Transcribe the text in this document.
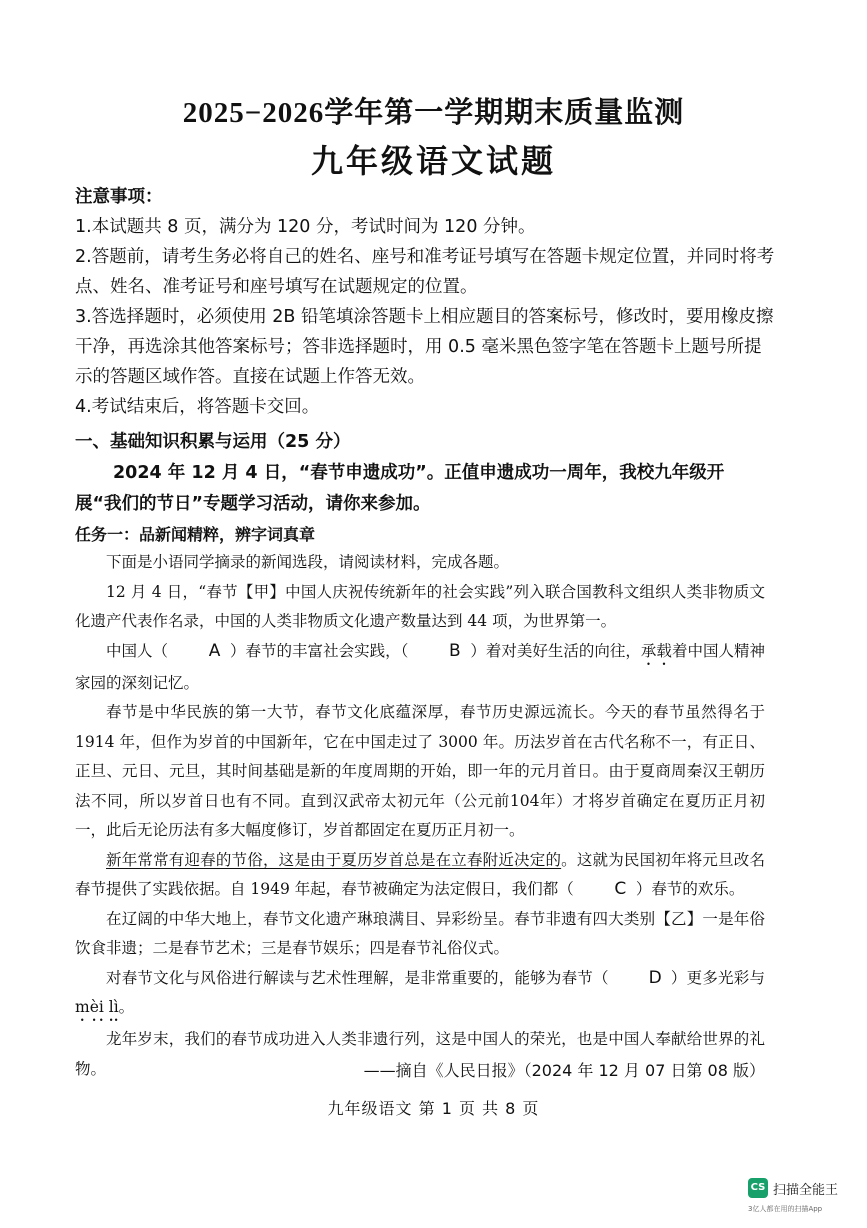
2025−2026学年第一学期期末质量监测
九年级语文试题
注意事项：

1.本试题共 8 页，满分为 120 分，考试时间为 120 分钟。

2.答题前，请考生务必将自己的姓名、座号和准考证号填写在答题卡规定位置，并同时将考点、姓名、准考证号和座号填写在试题规定的位置。

3.答选择题时，必须使用 2B 铅笔填涂答题卡上相应题目的答案标号，修改时，要用橡皮擦干净，再选涂其他答案标号；答非选择题时，用 0.5 毫米黑色签字笔在答题卡上题号所提示的答题区域作答。直接在试题上作答无效。

4.考试结束后，将答题卡交回。

一、基础知识积累与运用（25 分）

2024 年 12 月 4 日，“春节申遗成功”。正值申遗成功一周年，我校九年级开展“我们的节日”专题学习活动，请你来参加。

任务一：品新闻精粹，辨字词真章

下面是小语同学摘录的新闻选段，请阅读材料，完成各题。

12 月 4 日，“春节【甲】中国人庆祝传统新年的社会实践”列入联合国教科文组织人类非物质文化遗产代表作名录，中国的人类非物质文化遗产数量达到 44 项，为世界第一。

中国人（ A ）春节的丰富社会实践，（ B ）着对美好生活的向往，承载着中国人精神家园的深刻记忆。

春节是中华民族的第一大节，春节文化底蕴深厚，春节历史源远流长。今天的春节虽然得名于 1914 年，但作为岁首的中国新年，它在中国走过了 3000 年。历法岁首在古代名称不一，有正日、正旦、元日、元旦，其时间基础是新的年度周期的开始，即一年的元月首日。由于夏商周秦汉王朝历法不同，所以岁首日也有不同。直到汉武帝太初元年（公元前104年）才将岁首确定在夏历正月初一，此后无论历法有多大幅度修订，岁首都固定在夏历正月初一。

新年常常有迎春的节俗，这是由于夏历岁首总是在立春附近决定的。这就为民国初年将元旦改名春节提供了实践依据。自 1949 年起，春节被确定为法定假日，我们都（ C ）春节的欢乐。

在辽阔的中华大地上，春节文化遗产琳琅满目、异彩纷呈。春节非遗有四大类别【乙】一是年俗饮食非遗；二是春节艺术；三是春节娱乐；四是春节礼俗仪式。

对春节文化与风俗进行解读与艺术性理解，是非常重要的，能够为春节（ D ）更多光彩与 mèi lì。

龙年岁末，我们的春节成功进入人类非遗行列，这是中国人的荣光，也是中国人奉献给世界的礼物。	——摘自《人民日报》（2024 年 12 月 07 日第 08 版）
九年级语文 第 1 页 共 8 页
CS 扫描全能王
3亿人都在用的扫描App
